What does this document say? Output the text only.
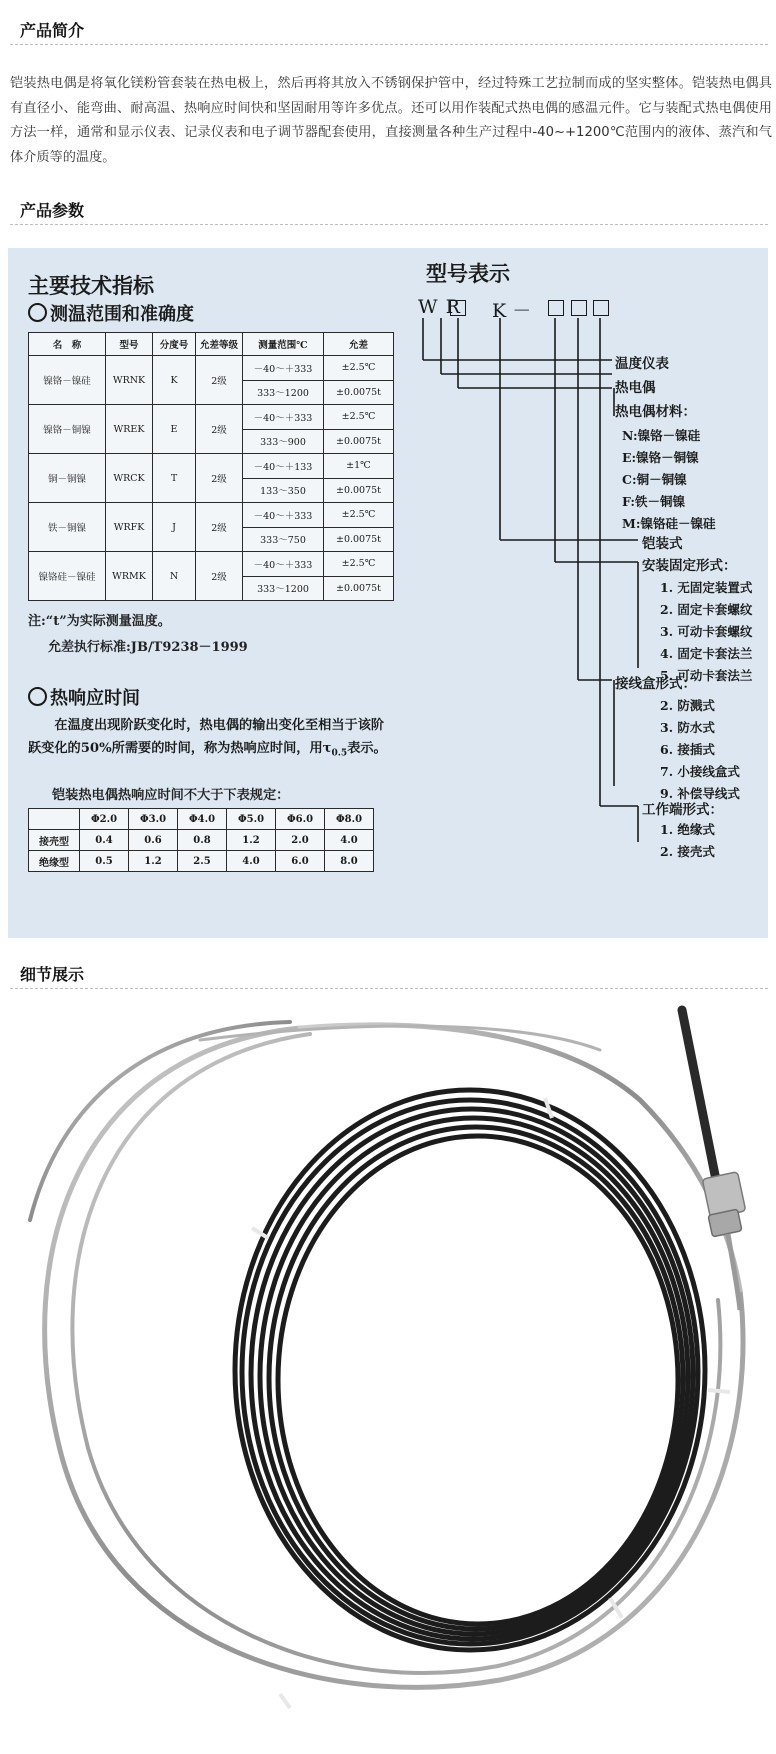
产品简介
铠装热电偶是将氧化镁粉管套装在热电极上，然后再将其放入不锈钢保护管中，经过特殊工艺拉制而成的坚实整体。铠装热电偶具有直径小、能弯曲、耐高温、热响应时间快和坚固耐用等许多优点。还可以用作装配式热电偶的感温元件。它与装配式热电偶使用方法一样，通常和显示仪表、记录仪表和电子调节器配套使用，直接测量各种生产过程中-40~+1200℃范围内的液体、蒸汽和气体介质等的温度。
产品参数

主要技术指标
测温范围和准确度
名　称	型号	分度号	允差等级	测量范围℃	允差
镍铬－镍硅	WRNK	K	2级	－40～＋333	±2.5℃
				333～1200	±0.0075t
镍铬－铜镍	WREK	E	2级	－40～＋333	±2.5℃
				333～900	±0.0075t
铜－铜镍	WRCK	T	2级	－40～＋133	±1℃
				133～350	±0.0075t
铁－铜镍	WRFK	J	2级	－40～＋333	±2.5℃
				333～750	±0.0075t
镍铬硅－镍硅	WRMK	N	2级	－40～＋333	±2.5℃
				333～1200	±0.0075t
注:“t”为实际测量温度。
允差执行标准:JB/T9238－1999
热响应时间
在温度出现阶跃变化时，热电偶的输出变化至相当于该阶跃变化的50%所需要的时间，称为热响应时间，用$\tau_{0.5}$表示。
铠装热电偶热响应时间不大于下表规定：
	Φ2.0	Φ3.0	Φ4.0	Φ5.0	Φ6.0	Φ8.0
接壳型	0.4	0.6	0.8	1.2	2.0	4.0
绝缘型	0.5	1.2	2.5	4.0	6.0	8.0
型号表示
W R K －
温度仪表
热电偶
热电偶材料：
N:镍铬－镍硅
E:镍铬－铜镍
C:铜－铜镍
F:铁－铜镍
M:镍铬硅－镍硅
铠装式
安装固定形式：
1. 无固定装置式
2. 固定卡套螺纹
3. 可动卡套螺纹
4. 固定卡套法兰
5. 可动卡套法兰
接线盒形式：
2. 防溅式
3. 防水式
6. 接插式
7. 小接线盒式
9. 补偿导线式
工作端形式：
1. 绝缘式
2. 接壳式
细节展示
